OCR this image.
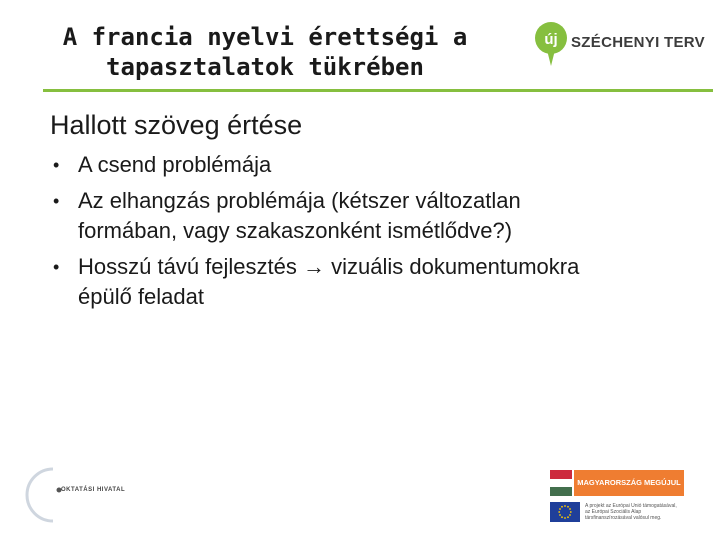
A francia nyelvi érettségi a
tapasztalatok tükrében
új SZÉCHENYI TERV
Hallott szöveg értése
• A csend problémája
• Az elhangzás problémája (kétszer változatlan
formában, vagy szakaszonként ismétlődve?)
• Hosszú távú fejlesztés → vizuális dokumentumokra
épülő feladat
OKTATÁSI HIVATAL
MAGYARORSZÁG MEGÚJUL
A projekt az Európai Unió támogatásával,
az Európai Szociális Alap
társfinanszírozásával valósul meg.
